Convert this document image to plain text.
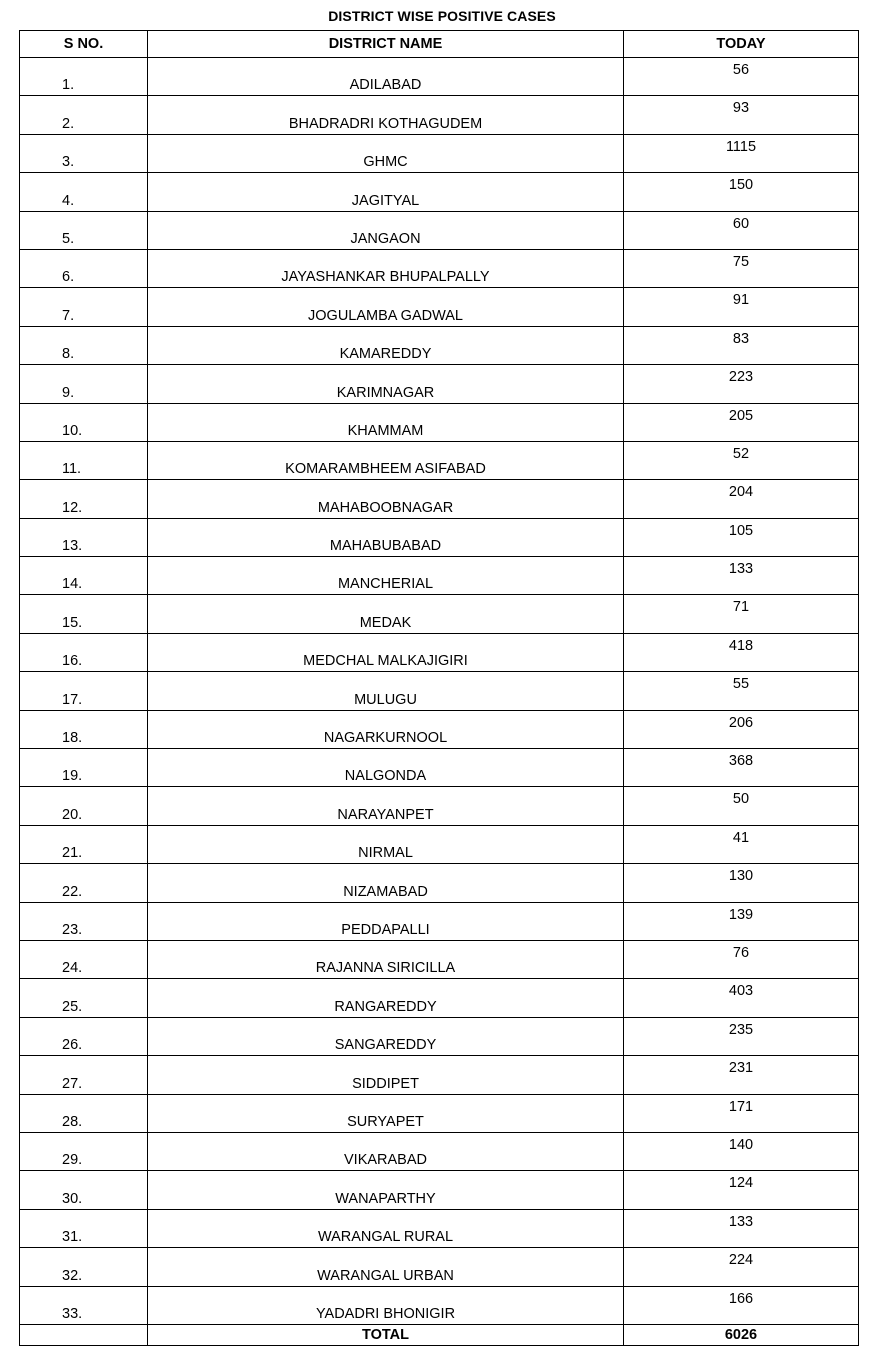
DISTRICT WISE POSITIVE CASES
S NO.	DISTRICT NAME	TODAY
1.	ADILABAD	56
2.	BHADRADRI KOTHAGUDEM	93
3.	GHMC	1115
4.	JAGITYAL	150
5.	JANGAON	60
6.	JAYASHANKAR BHUPALPALLY	75
7.	JOGULAMBA GADWAL	91
8.	KAMAREDDY	83
9.	KARIMNAGAR	223
10.	KHAMMAM	205
11.	KOMARAMBHEEM ASIFABAD	52
12.	MAHABOOBNAGAR	204
13.	MAHABUBABAD	105
14.	MANCHERIAL	133
15.	MEDAK	71
16.	MEDCHAL MALKAJIGIRI	418
17.	MULUGU	55
18.	NAGARKURNOOL	206
19.	NALGONDA	368
20.	NARAYANPET	50
21.	NIRMAL	41
22.	NIZAMABAD	130
23.	PEDDAPALLI	139
24.	RAJANNA SIRICILLA	76
25.	RANGAREDDY	403
26.	SANGAREDDY	235
27.	SIDDIPET	231
28.	SURYAPET	171
29.	VIKARABAD	140
30.	WANAPARTHY	124
31.	WARANGAL RURAL	133
32.	WARANGAL URBAN	224
33.	YADADRI BHONIGIR	166
	TOTAL	6026
